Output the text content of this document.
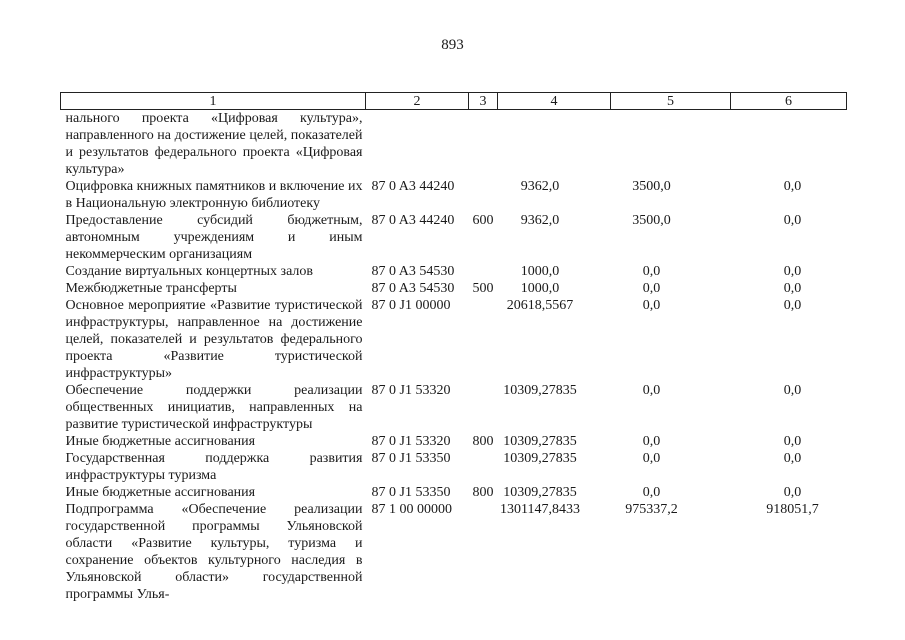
893
1	2	3	4	5	6
нального проекта «Цифровая культура», направленного на достижение целей, показателей и результатов федерального проекта «Цифровая культура»					
Оцифровка книжных памятников и включение их в Национальную электронную библиотеку	87 0 A3 44240		9362,0	3500,0	0,0
Предоставление субсидий бюджетным, автономным учреждениям и иным некоммерческим организациям	87 0 A3 44240	600	9362,0	3500,0	0,0
Создание виртуальных концертных залов	87 0 A3 54530		1000,0	0,0	0,0
Межбюджетные трансферты	87 0 A3 54530	500	1000,0	0,0	0,0
Основное мероприятие «Развитие туристической инфраструктуры, направленное на достижение целей, показателей и результатов федерального проекта «Развитие туристической инфраструктуры»	87 0 J1 00000		20618,5567	0,0	0,0
Обеспечение поддержки реализации общественных инициатив, направленных на развитие туристической инфраструктуры	87 0 J1 53320		10309,27835	0,0	0,0
Иные бюджетные ассигнования	87 0 J1 53320	800	10309,27835	0,0	0,0
Государственная поддержка развития инфраструктуры туризма	87 0 J1 53350		10309,27835	0,0	0,0
Иные бюджетные ассигнования	87 0 J1 53350	800	10309,27835	0,0	0,0
Подпрограмма «Обеспечение реализации государственной программы Ульяновской области «Развитие культуры, туризма и сохранение объектов культурного наследия в Ульяновской области» государственной программы Улья-	87 1 00 00000		1301147,8433	975337,2	918051,7
